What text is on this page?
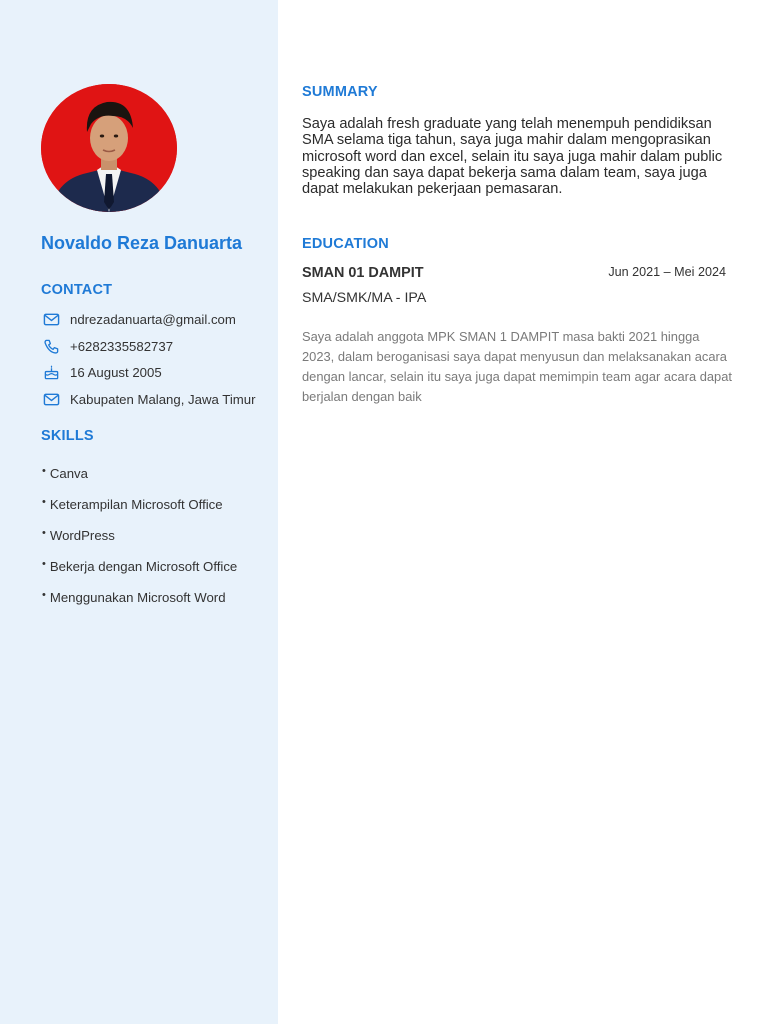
Novaldo Reza Danuarta
CONTACT
ndrezadanuarta@gmail.com
+6282335582737
16 August 2005
Kabupaten Malang, Jawa Timur
SKILLS
• Canva
• Keterampilan Microsoft Office
• WordPress
• Bekerja dengan Microsoft Office
• Menggunakan Microsoft Word
SUMMARY
Saya adalah fresh graduate yang telah menempuh pendidiksan SMA selama tiga tahun, saya juga mahir dalam mengoprasikan microsoft word dan excel, selain itu saya juga mahir dalam public speaking dan saya dapat bekerja sama dalam team, saya juga dapat melakukan pekerjaan pemasaran.
EDUCATION
SMAN 01 DAMPIT	Jun 2021 – Mei 2024
SMA/SMK/MA - IPA
Saya adalah anggota MPK SMAN 1 DAMPIT masa bakti 2021 hingga 2023, dalam beroganisasi saya dapat menyusun dan melaksanakan acara dengan lancar, selain itu saya juga dapat memimpin team agar acara dapat berjalan dengan baik
